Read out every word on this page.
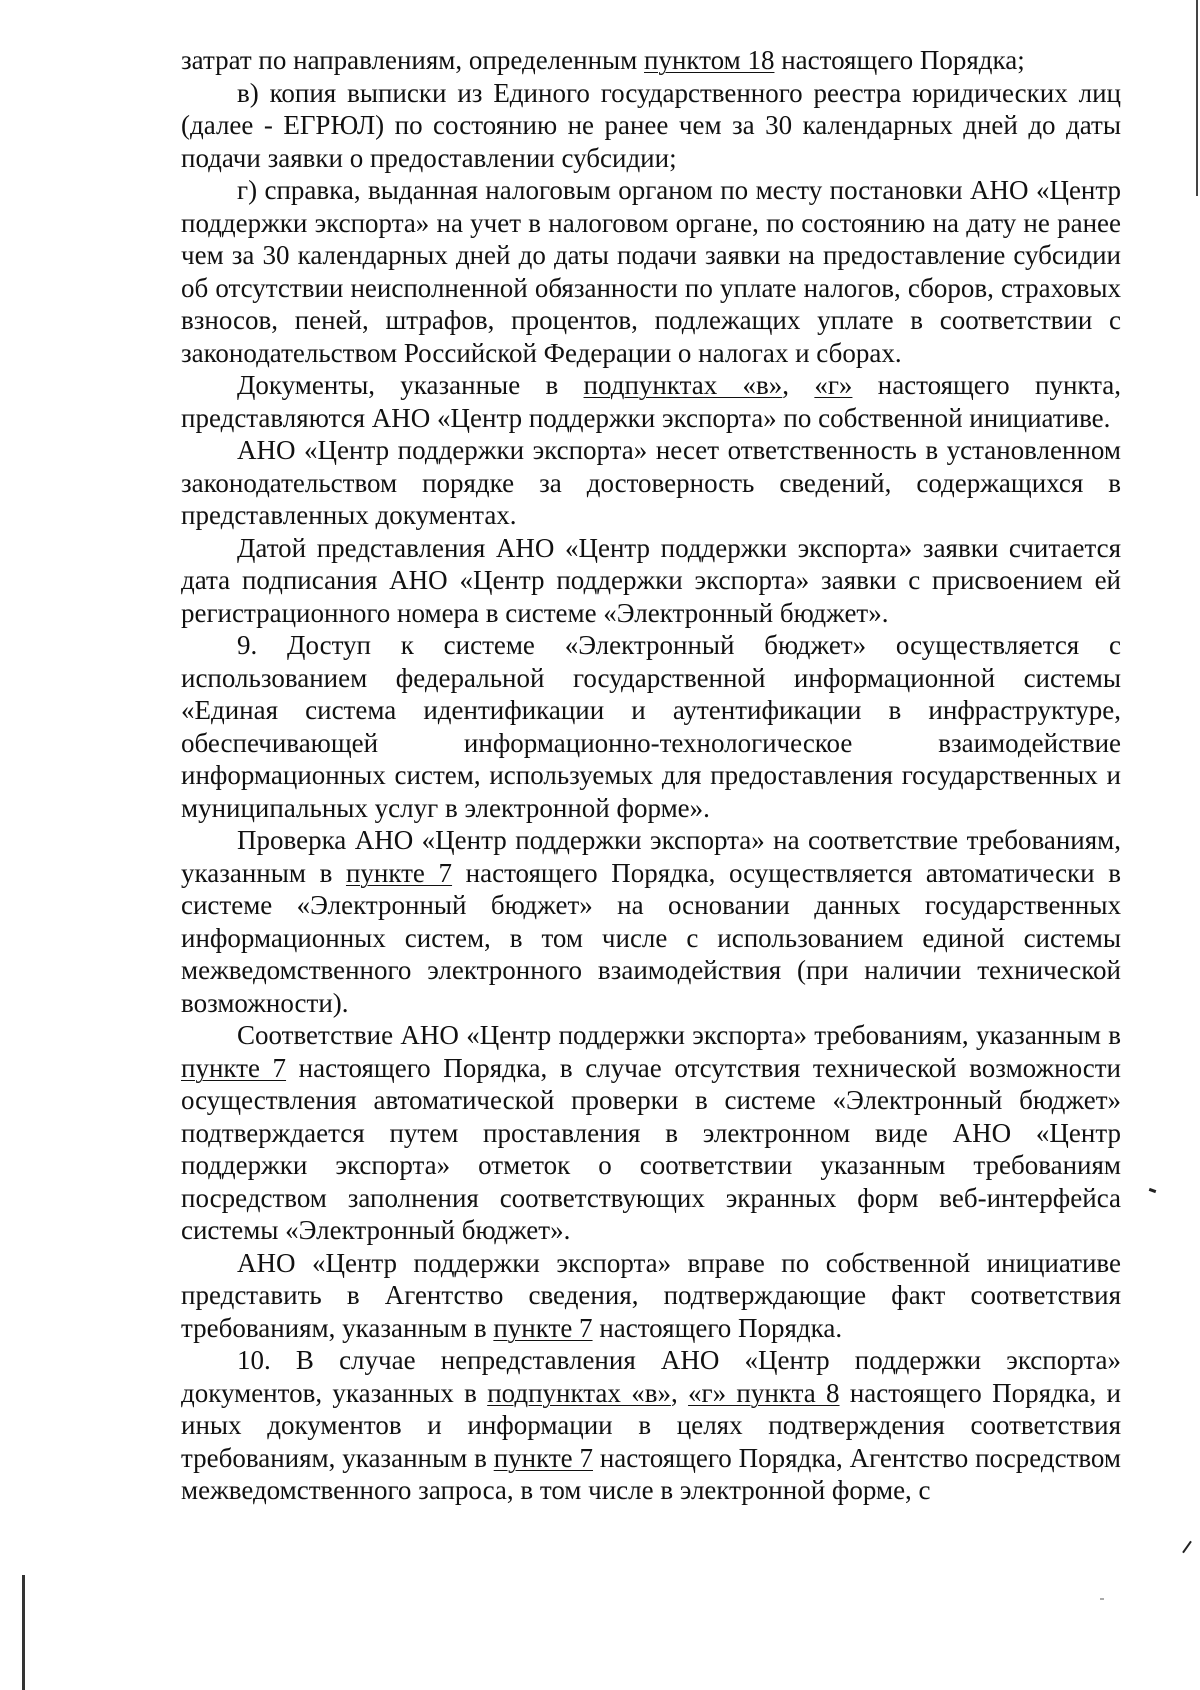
затрат по направлениям, определенным пунктом 18 настоящего Порядка;

в) копия выписки из Единого государственного реестра юридических лиц (далее - ЕГРЮЛ) по состоянию не ранее чем за 30 календарных дней до даты подачи заявки о предоставлении субсидии;

г) справка, выданная налоговым органом по месту постановки АНО «Центр поддержки экспорта» на учет в налоговом органе, по состоянию на дату не ранее чем за 30 календарных дней до даты подачи заявки на предоставление субсидии об отсутствии неисполненной обязанности по уплате налогов, сборов, страховых взносов, пеней, штрафов, процентов, подлежащих уплате в соответствии с законодательством Российской Федерации о налогах и сборах.

Документы, указанные в подпунктах «в», «г» настоящего пункта, представляются АНО «Центр поддержки экспорта» по собственной инициативе.

АНО «Центр поддержки экспорта» несет ответственность в установленном законодательством порядке за достоверность сведений, содержащихся в представленных документах.

Датой представления АНО «Центр поддержки экспорта» заявки считается дата подписания АНО «Центр поддержки экспорта» заявки с присвоением ей регистрационного номера в системе «Электронный бюджет».

9. Доступ к системе «Электронный бюджет» осуществляется с использованием федеральной государственной информационной системы «Единая система идентификации и аутентификации в инфраструктуре, обеспечивающей информационно-технологическое взаимодействие информационных систем, используемых для предоставления государственных и муниципальных услуг в электронной форме».

Проверка АНО «Центр поддержки экспорта» на соответствие требованиям, указанным в пункте 7 настоящего Порядка, осуществляется автоматически в системе «Электронный бюджет» на основании данных государственных информационных систем, в том числе с использованием единой системы межведомственного электронного взаимодействия (при наличии технической возможности).

Соответствие АНО «Центр поддержки экспорта» требованиям, указанным в пункте 7 настоящего Порядка, в случае отсутствия технической возможности осуществления автоматической проверки в системе «Электронный бюджет» подтверждается путем проставления в электронном виде АНО «Центр поддержки экспорта» отметок о соответствии указанным требованиям посредством заполнения соответствующих экранных форм веб-интерфейса системы «Электронный бюджет».

АНО «Центр поддержки экспорта» вправе по собственной инициативе представить в Агентство сведения, подтверждающие факт соответствия требованиям, указанным в пункте 7 настоящего Порядка.

10. В случае непредставления АНО «Центр поддержки экспорта» документов, указанных в подпунктах «в», «г» пункта 8 настоящего Порядка, и иных документов и информации в целях подтверждения соответствия требованиям, указанным в пункте 7 настоящего Порядка, Агентство посредством межведомственного запроса, в том числе в электронной форме, с
